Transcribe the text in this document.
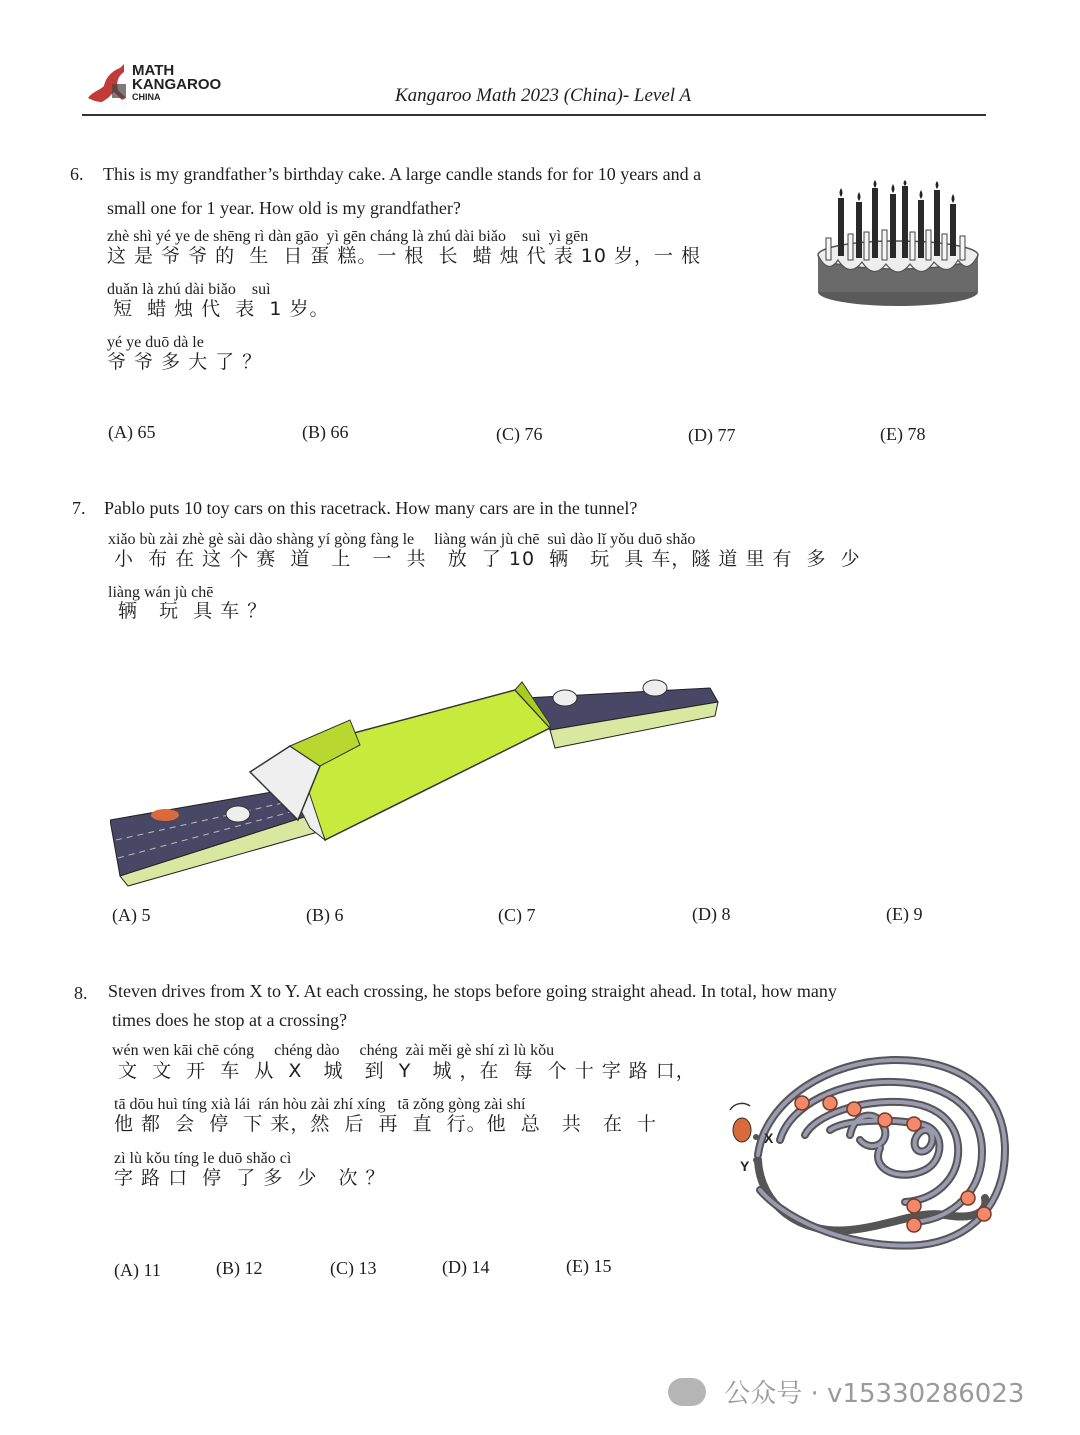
MATH
KANGAROO
CHINA	Kangaroo Math 2023 (China)- Level A
6. This is my grandfather’s birthday cake. A large candle stands for for 10 years and a
small one for 1 year. How old is my grandfather?
zhè shì yé ye de shēng rì dàn gāo  yì gēn cháng là zhú dài biǎo    suì  yì gēn
这 是 爷 爷 的  生  日 蛋 糕。一 根  长  蜡 烛 代 表 10 岁，一 根
duǎn là zhú dài biǎo    suì
短  蜡 烛 代  表  1 岁。
yé ye duō dà le
爷 爷 多 大 了 ？
(A) 65	(B) 66	(C) 76	(D) 77	(E) 78
7. Pablo puts 10 toy cars on this racetrack. How many cars are in the tunnel?
xiǎo bù zài zhè gè sài dào shàng yí gòng fàng le     liàng wán jù chē  suì dào lǐ yǒu duō shǎo
小  布 在 这 个 赛  道   上   一  共   放  了 10  辆   玩  具 车，隧 道 里 有  多  少
liàng wán jù chē
辆   玩  具 车 ？
(A) 5	(B) 6	(C) 7	(D) 8	(E) 9
8. Steven drives from X to Y. At each crossing, he stops before going straight ahead. In total, how many
times does he stop at a crossing?
wén wen kāi chē cóng     chéng dào     chéng  zài měi gè shí zì lù kǒu
文  文  开  车  从  X   城   到  Y   城 ，在  每  个 十 字 路 口，
tā dōu huì tíng xià lái  rán hòu zài zhí xíng   tā zǒng gòng zài shí
他 都  会  停  下 来，然  后  再  直  行。他  总   共   在  十
zì lù kǒu tíng le duō shǎo cì
字 路 口  停  了 多  少   次 ？
(A) 11	(B) 12	(C) 13	(D) 14	(E) 15
X
Y
公众号 · v15330286023
